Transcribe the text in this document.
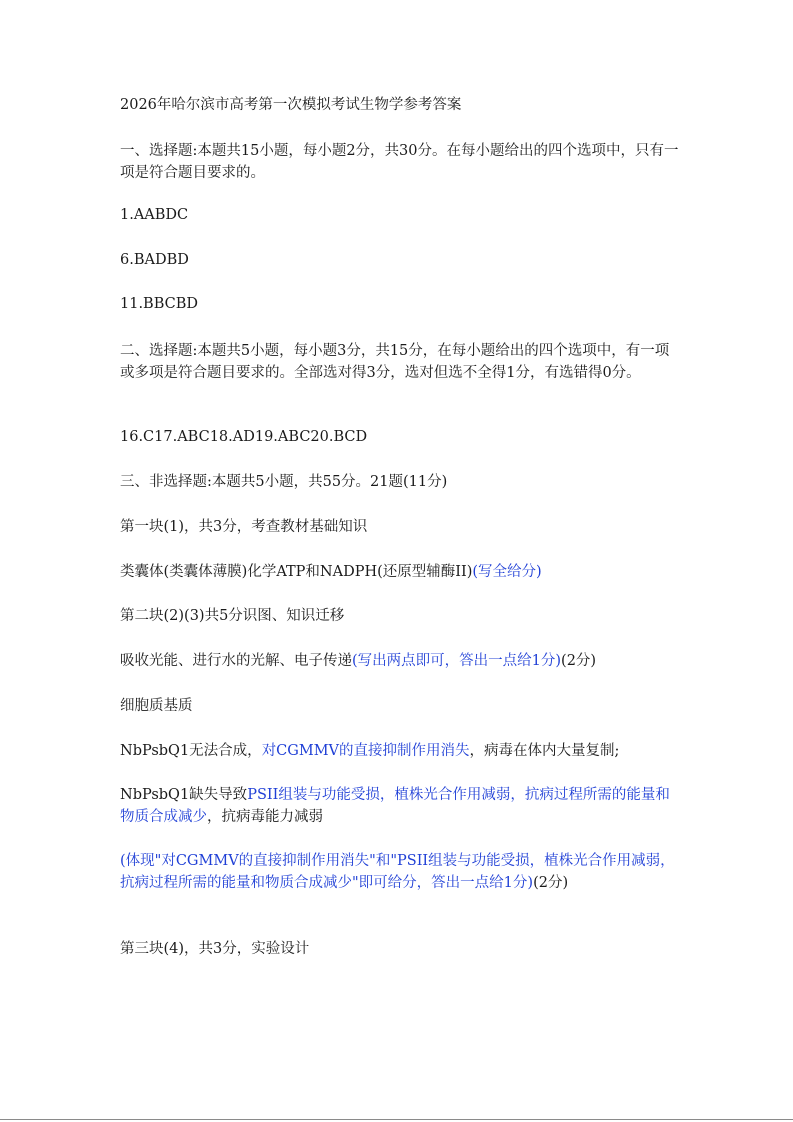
2026年哈尔滨市高考第一次模拟考试生物学参考答案

一、选择题:本题共15小题，每小题2分，共30分。在每小题给出的四个选项中，只有一项是符合题目要求的。

1.AABDC

6.BADBD

11.BBCBD

二、选择题:本题共5小题，每小题3分，共15分，在每小题给出的四个选项中，有一项或多项是符合题目要求的。全部选对得3分，选对但选不全得1分，有选错得0分。

16.C17.ABC18.AD19.ABC20.BCD

三、非选择题:本题共5小题，共55分。21题(11分)

第一块(1)，共3分，考查教材基础知识

类囊体(类囊体薄膜)化学ATP和NADPH(还原型辅酶II)(写全给分)

第二块(2)(3)共5分识图、知识迁移

吸收光能、进行水的光解、电子传递(写出两点即可，答出一点给1分)(2分)

细胞质基质

NbPsbQ1无法合成，对CGMMV的直接抑制作用消失，病毒在体内大量复制;

NbPsbQ1缺失导致PSII组装与功能受损，植株光合作用减弱，抗病过程所需的能量和物质合成减少，抗病毒能力减弱

(体现"对CGMMV的直接抑制作用消失"和"PSII组装与功能受损，植株光合作用减弱，抗病过程所需的能量和物质合成减少"即可给分，答出一点给1分)(2分)

第三块(4)，共3分，实验设计
